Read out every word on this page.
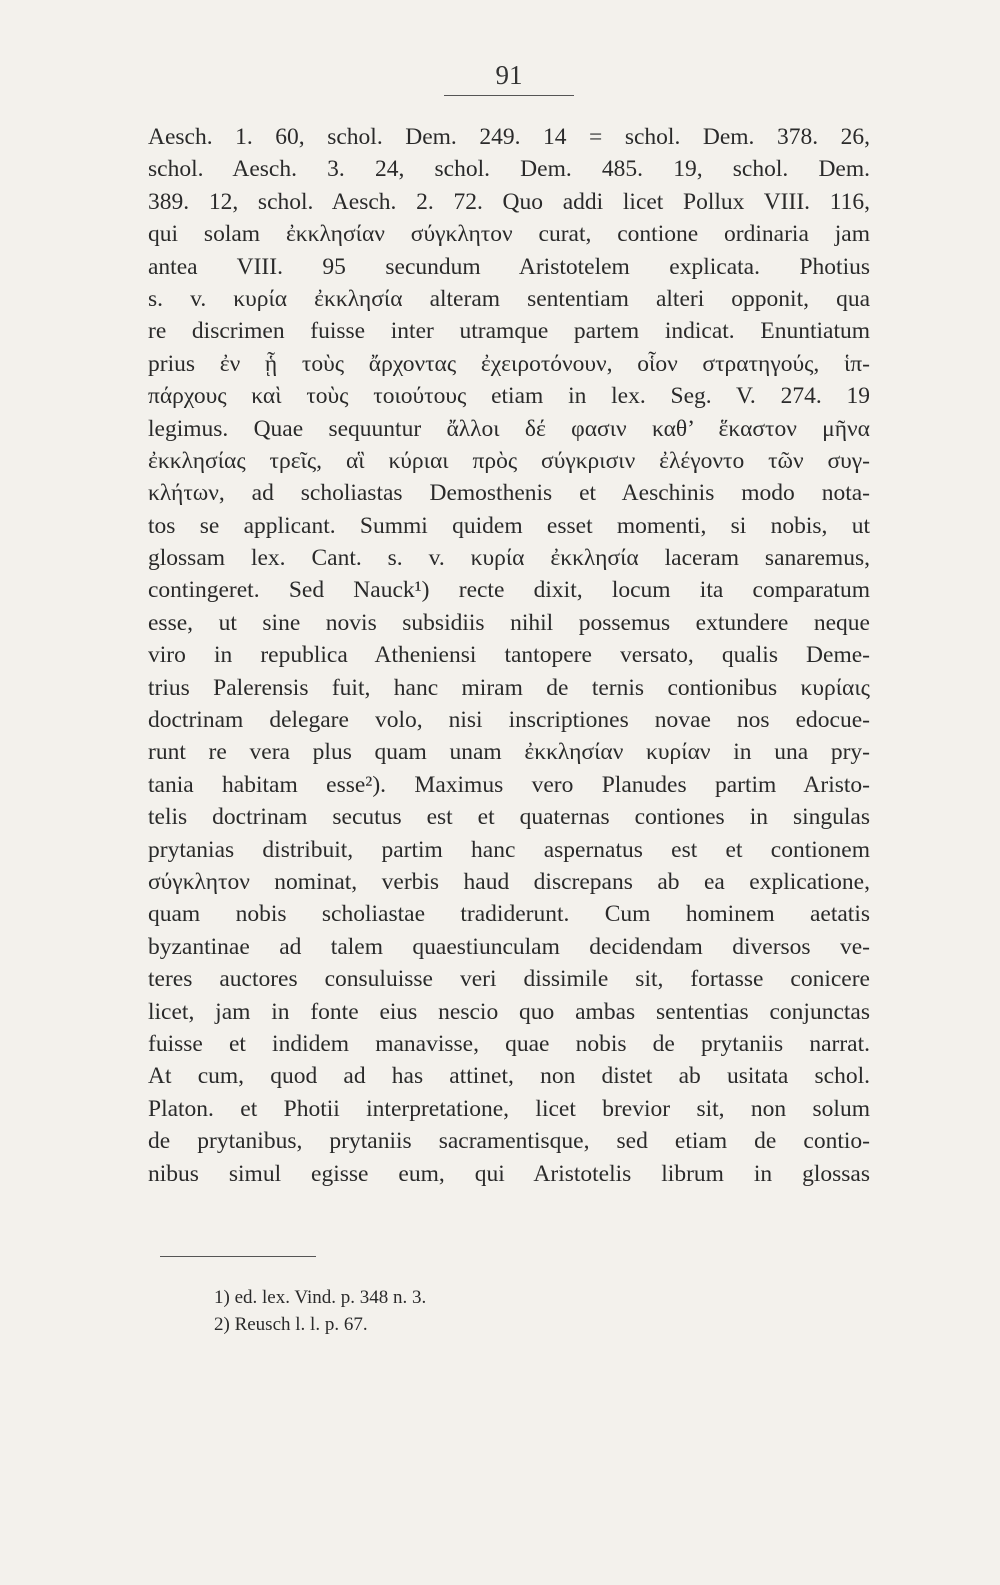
91
Aesch. 1. 60, schol. Dem. 249. 14 = schol. Dem. 378. 26,
schol. Aesch. 3. 24, schol. Dem. 485. 19, schol. Dem.
389. 12, schol. Aesch. 2. 72. Quo addi licet Pollux VIII. 116,
qui solam ἐκκλησίαν σύγκλητον curat, contione ordinaria jam
antea VIII. 95 secundum Aristotelem explicata. Photius
s. v. κυρία ἐκκλησία alteram sententiam alteri opponit, qua
re discrimen fuisse inter utramque partem indicat. Enuntiatum
prius ἐν ᾗ τοὺς ἄρχοντας ἐχειροτόνουν, οἷον στρατηγούς, ἱπ-
πάρχους καὶ τοὺς τοιούτους etiam in lex. Seg. V. 274. 19
legimus. Quae sequuntur ἄλλοι δέ φασιν καθ’ ἕκαστον μῆνα
ἐκκλησίας τρεῖς, αἳ κύριαι πρὸς σύγκρισιν ἐλέγοντο τῶν συγ-
κλήτων, ad scholiastas Demosthenis et Aeschinis modo nota-
tos se applicant. Summi quidem esset momenti, si nobis, ut
glossam lex. Cant. s. v. κυρία ἐκκλησία laceram sanaremus,
contingeret. Sed Nauck¹) recte dixit, locum ita comparatum
esse, ut sine novis subsidiis nihil possemus extundere neque
viro in republica Atheniensi tantopere versato, qualis Deme-
trius Palerensis fuit, hanc miram de ternis contionibus κυρίαις
doctrinam delegare volo, nisi inscriptiones novae nos edocue-
runt re vera plus quam unam ἐκκλησίαν κυρίαν in una pry-
tania habitam esse²). Maximus vero Planudes partim Aristo-
telis doctrinam secutus est et quaternas contiones in singulas
prytanias distribuit, partim hanc aspernatus est et contionem
σύγκλητον nominat, verbis haud discrepans ab ea explicatione,
quam nobis scholiastae tradiderunt. Cum hominem aetatis
byzantinae ad talem quaestiunculam decidendam diversos ve-
teres auctores consuluisse veri dissimile sit, fortasse conicere
licet, jam in fonte eius nescio quo ambas sententias conjunctas
fuisse et indidem manavisse, quae nobis de prytaniis narrat.
At cum, quod ad has attinet, non distet ab usitata schol.
Platon. et Photii interpretatione, licet brevior sit, non solum
de prytanibus, prytaniis sacramentisque, sed etiam de contio-
nibus simul egisse eum, qui Aristotelis librum in glossas
1) ed. lex. Vind. p. 348 n. 3.
2) Reusch l. l. p. 67.
